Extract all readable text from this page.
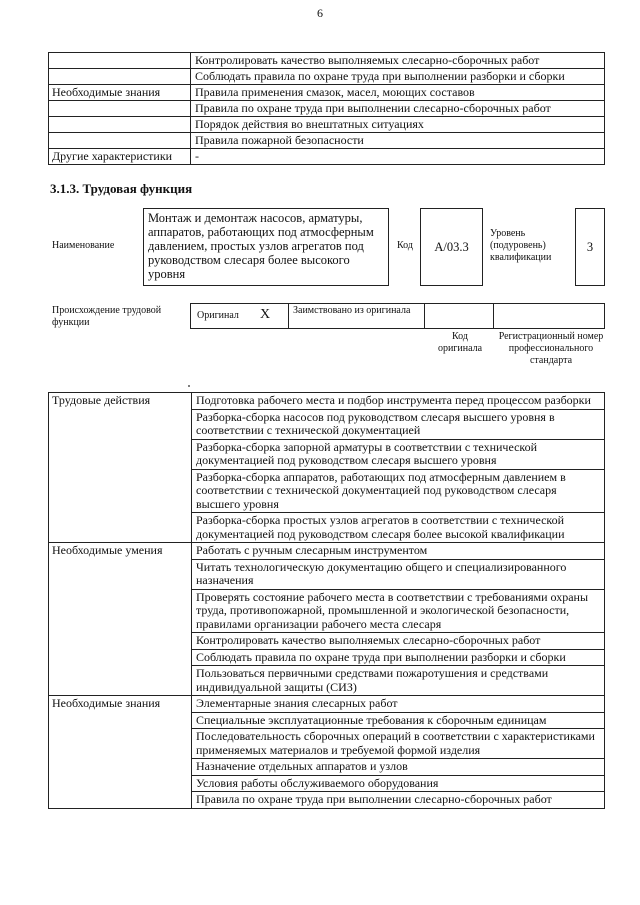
6
	Контролировать качество выполняемых слесарно-сборочных работ
	Соблюдать правила по охране труда при выполнении разборки и сборки
Необходимые знания	Правила применения смазок, масел, моющих составов
	Правила по охране труда при выполнении слесарно-сборочных работ
	Порядок действия во внештатных ситуациях
	Правила пожарной безопасности
Другие характеристики	-
3.1.3. Трудовая функция
Наименование
Монтаж и демонтаж насосов, арматуры, аппаратов, работающих под атмосферным давлением, простых узлов агрегатов под руководством слесаря более высокого уровня
Код А/03.3
Уровень (подуровень) квалификации
3
Происхождение трудовой функции
Оригинал X Заимствовано из оригинала
Код оригинала
Регистрационный номер профессионального стандарта
Трудовые действия	Подготовка рабочего места и подбор инструмента перед процессом разборки
	Разборка-сборка насосов под руководством слесаря высшего уровня в соответствии с технической документацией
	Разборка-сборка запорной арматуры в соответствии с технической документацией под руководством слесаря высшего уровня
	Разборка-сборка аппаратов, работающих под атмосферным давлением в соответствии с технической документацией под руководством слесаря высшего уровня
	Разборка-сборка простых узлов агрегатов в соответствии с технической документацией под руководством слесаря более высокой квалификации
Необходимые умения	Работать с ручным слесарным инструментом
	Читать технологическую документацию общего и специализированного назначения
	Проверять состояние рабочего места в соответствии с требованиями охраны труда, противопожарной, промышленной и экологической безопасности, правилами организации рабочего места слесаря
	Контролировать качество выполняемых слесарно-сборочных работ
	Соблюдать правила по охране труда при выполнении разборки и сборки
	Пользоваться первичными средствами пожаротушения и средствами индивидуальной защиты (СИЗ)
Необходимые знания	Элементарные знания слесарных работ
	Специальные эксплуатационные требования к сборочным единицам
	Последовательность сборочных операций в соответствии с характеристиками применяемых материалов и требуемой формой изделия
	Назначение отдельных аппаратов и узлов
	Условия работы обслуживаемого оборудования
	Правила по охране труда при выполнении слесарно-сборочных работ
